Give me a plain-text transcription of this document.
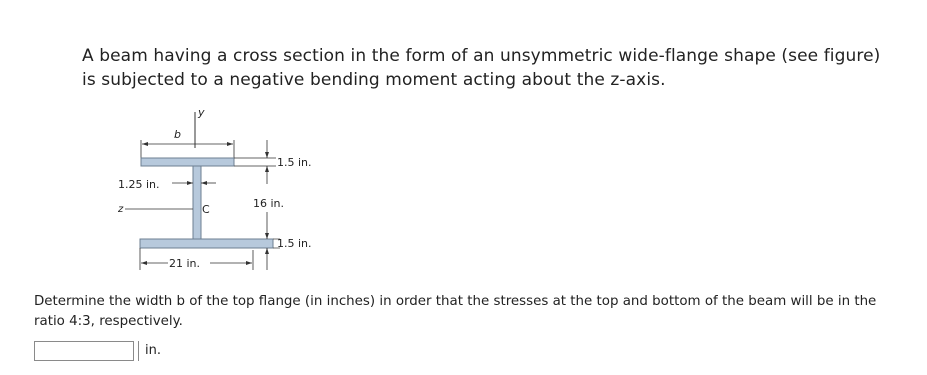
A beam having a cross section in the form of an unsymmetric wide-flange shape (see figure) is subjected to a negative bending moment acting about the z-axis.

y
b
1.5 in.
1.25 in.
z	C	16 in.
1.5 in.
21 in.

Determine the width b of the top flange (in inches) in order that the stresses at the top and bottom of the beam will be in the ratio 4:3, respectively.

in.
